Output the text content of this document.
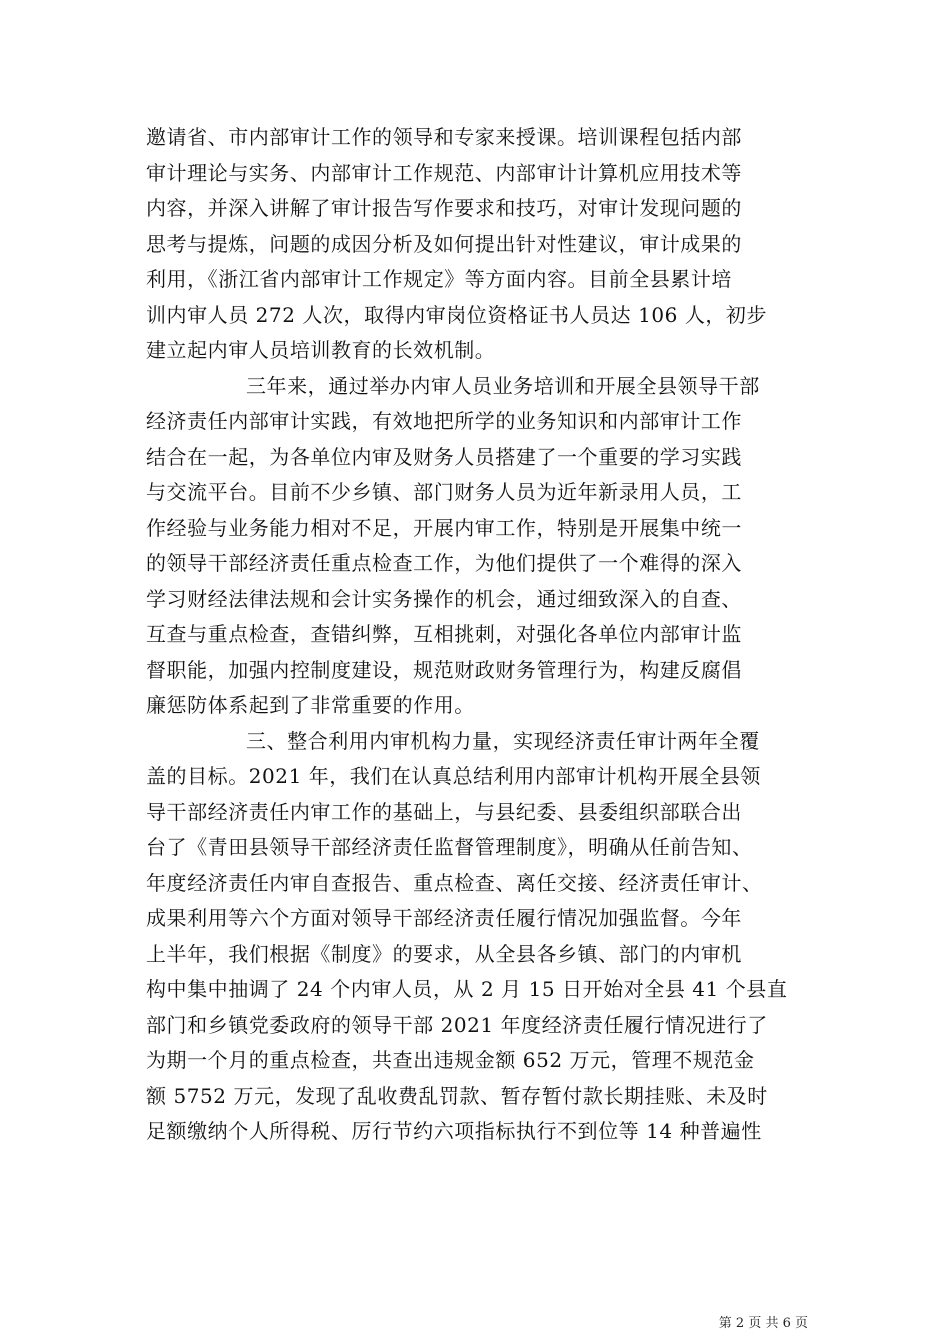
邀请省、市内部审计工作的领导和专家来授课。培训课程包括内部
审计理论与实务、内部审计工作规范、内部审计计算机应用技术等
内容，并深入讲解了审计报告写作要求和技巧，对审计发现问题的
思考与提炼，问题的成因分析及如何提出针对性建议，审计成果的
利用，《浙江省内部审计工作规定》等方面内容。目前全县累计培
训内审人员 272 人次，取得内审岗位资格证书人员达 106 人，初步
建立起内审人员培训教育的长效机制。
三年来，通过举办内审人员业务培训和开展全县领导干部
经济责任内部审计实践，有效地把所学的业务知识和内部审计工作
结合在一起，为各单位内审及财务人员搭建了一个重要的学习实践
与交流平台。目前不少乡镇、部门财务人员为近年新录用人员，工
作经验与业务能力相对不足，开展内审工作，特别是开展集中统一
的领导干部经济责任重点检查工作，为他们提供了一个难得的深入
学习财经法律法规和会计实务操作的机会，通过细致深入的自查、
互查与重点检查，查错纠弊，互相挑刺，对强化各单位内部审计监
督职能，加强内控制度建设，规范财政财务管理行为，构建反腐倡
廉惩防体系起到了非常重要的作用。
三、整合利用内审机构力量，实现经济责任审计两年全覆
盖的目标。2021 年，我们在认真总结利用内部审计机构开展全县领
导干部经济责任内审工作的基础上，与县纪委、县委组织部联合出
台了《青田县领导干部经济责任监督管理制度》，明确从任前告知、
年度经济责任内审自查报告、重点检查、离任交接、经济责任审计、
成果利用等六个方面对领导干部经济责任履行情况加强监督。今年
上半年，我们根据《制度》的要求，从全县各乡镇、部门的内审机
构中集中抽调了 24 个内审人员，从 2 月 15 日开始对全县 41 个县直
部门和乡镇党委政府的领导干部 2021 年度经济责任履行情况进行了
为期一个月的重点检查，共查出违规金额 652 万元，管理不规范金
额 5752 万元，发现了乱收费乱罚款、暂存暂付款长期挂账、未及时
足额缴纳个人所得税、厉行节约六项指标执行不到位等 14 种普遍性
第 2 页 共 6 页
